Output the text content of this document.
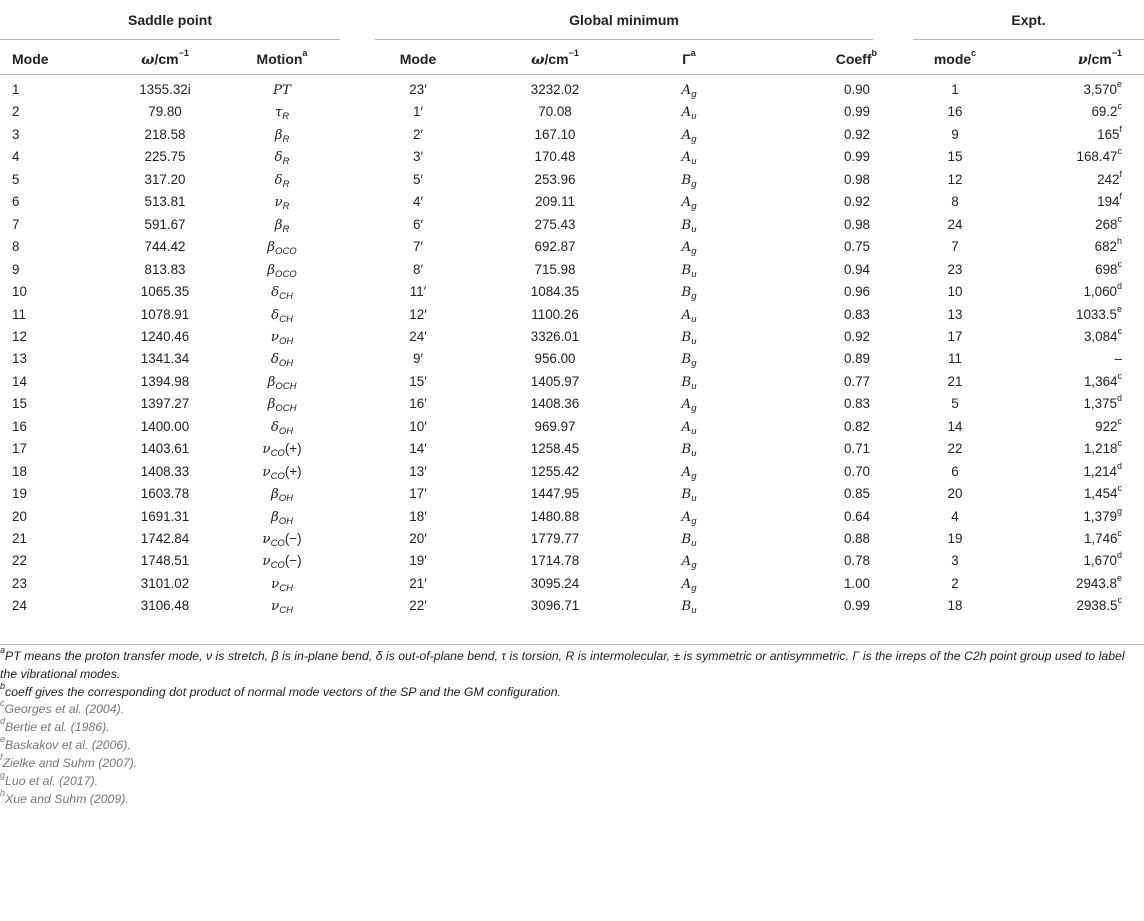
Saddle point	Global minimum	Expt.
Mode	$\omega/cm^{-1}$	Motion$^a$	Mode	$\omega/cm^{-1}$	$\Gamma^a$	Coeff$^b$	mode$^c$	$\nu/cm^{-1}$
1	1355.32i	PT	23′	3232.02	$A_g$	0.90	1	3,570e
2	79.80	$\tau_R$	1′	70.08	$A_u$	0.99	16	69.2$^c$
3	218.58	$\beta_R$	2′	167.10	$A_g$	0.92	9	165$^f$
4	225.75	$\delta_R$	3′	170.48	$A_u$	0.99	15	168.47$^c$
5	317.20	$\delta_R$	5′	253.96	$B_g$	0.98	12	242$^f$
6	513.81	$\nu_R$	4′	209.11	$A_g$	0.92	8	194$^f$
7	591.67	$\beta_R$	6′	275.43	$B_u$	0.98	24	268$^c$
8	744.42	$\beta_{OCO}$	7′	692.87	$A_g$	0.75	7	682$^h$
9	813.83	$\beta_{OCO}$	8′	715.98	$B_u$	0.94	23	698$^c$
10	1065.35	$\delta_{CH}$	11′	1084.35	$B_g$	0.96	10	1,060$^d$
11	1078.91	$\delta_{CH}$	12′	1100.26	$A_u$	0.83	13	1033.5e
12	1240.46	$\nu_{OH}$	24′	3326.01	$B_u$	0.92	17	3,084$^c$
13	1341.34	$\delta_{OH}$	9′	956.00	$B_g$	0.89	11	–
14	1394.98	$\beta_{OCH}$	15′	1405.97	$B_u$	0.77	21	1,364$^c$
15	1397.27	$\beta_{OCH}$	16′	1408.36	$A_g$	0.83	5	1,375$^d$
16	1400.00	$\delta_{OH}$	10′	969.97	$A_u$	0.82	14	922$^c$
17	1403.61	$\nu_{CO}(+)$	14′	1258.45	$B_u$	0.71	22	1,218$^c$
18	1408.33	$\nu_{CO}(+)$	13′	1255.42	$A_g$	0.70	6	1,214$^d$
19	1603.78	$\beta_{OH}$	17′	1447.95	$B_u$	0.85	20	1,454$^c$
20	1691.31	$\beta_{OH}$	18′	1480.88	$A_g$	0.64	4	1,379$^g$
21	1742.84	$\nu_{CO}(-)$	20′	1779.77	$B_u$	0.88	19	1,746$^c$
22	1748.51	$\nu_{CO}(-)$	19′	1714.78	$A_g$	0.78	3	1,670$^d$
23	3101.02	$\nu_{CH}$	21′	3095.24	$A_g$	1.00	2	2943.8e
24	3106.48	$\nu_{CH}$	22′	3096.71	$B_u$	0.99	18	2938.5$^c$
$^a$PT means the proton transfer mode, ν is stretch, β is in-plane bend, δ is out-of-plane bend, τ is torsion, R is intermolecular, ± is symmetric or antisymmetric. Γ is the irreps of the C2h point group used to label the vibrational modes.
$^b$coeff gives the corresponding dot product of normal mode vectors of the SP and the GM configuration.
$^c$Georges et al. (2004).
$^d$Bertie et al. (1986).
$^e$Baskakov et al. (2006).
$^f$Zielke and Suhm (2007).
$^g$Luo et al. (2017).
$^h$Xue and Suhm (2009).
